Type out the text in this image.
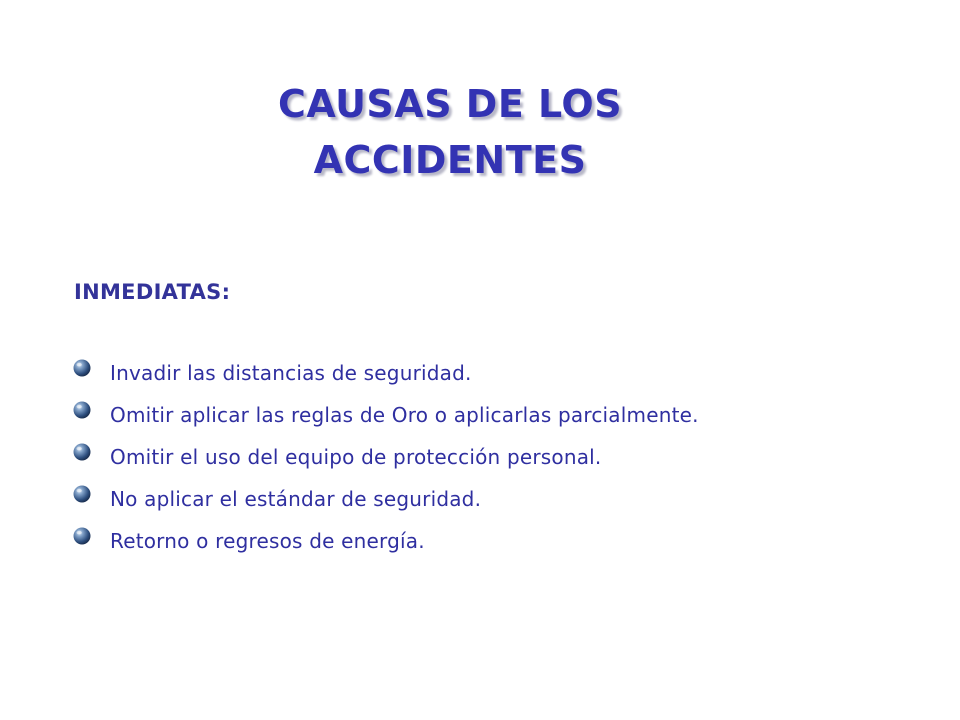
CAUSAS DE LOS
ACCIDENTES
INMEDIATAS:
Invadir las distancias de seguridad.
Omitir aplicar las reglas de Oro o aplicarlas parcialmente.
Omitir el uso del equipo de protección personal.
No aplicar el estándar de seguridad.
Retorno o regresos de energía.
